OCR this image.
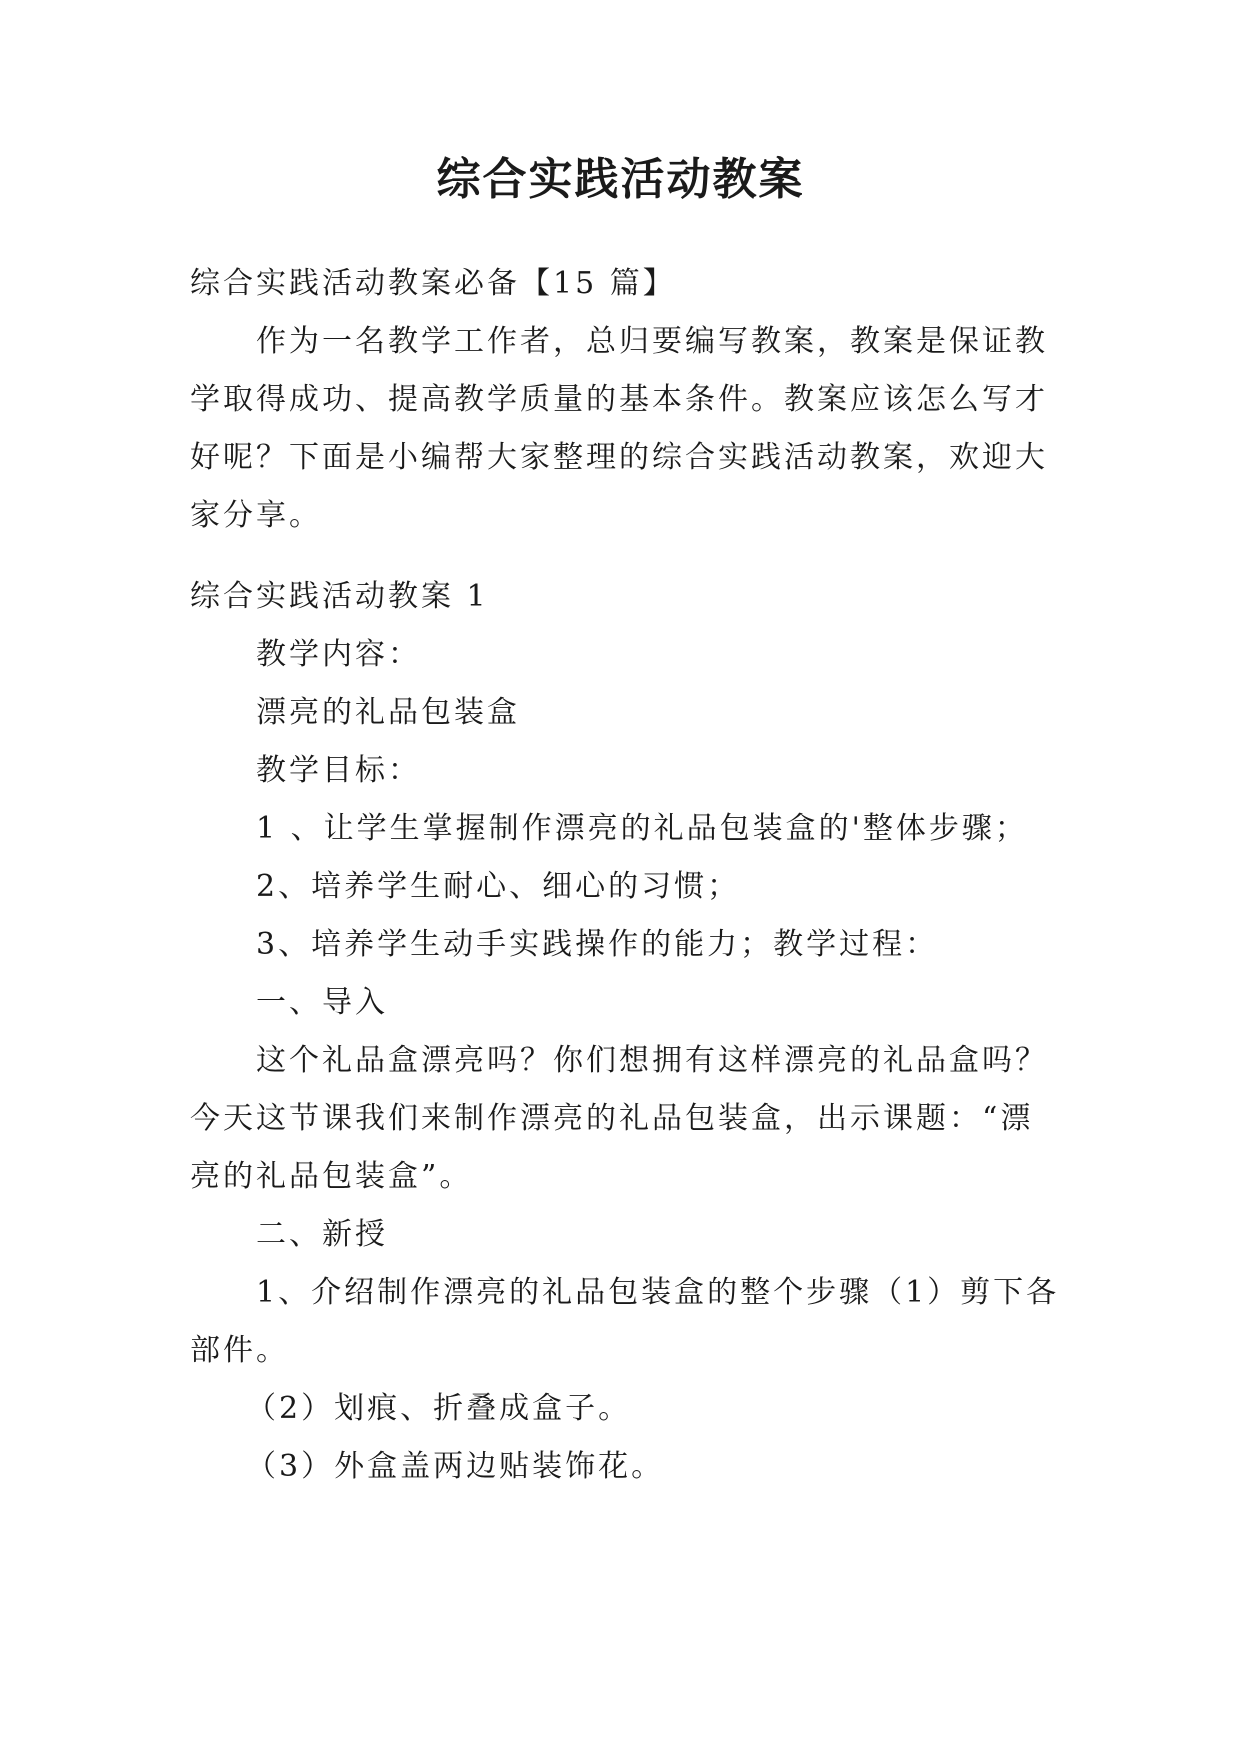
综合实践活动教案
综合实践活动教案必备【15 篇】
作为一名教学工作者，总归要编写教案，教案是保证教
学取得成功、提高教学质量的基本条件。教案应该怎么写才
好呢？下面是小编帮大家整理的综合实践活动教案，欢迎大
家分享。
综合实践活动教案 1
教学内容：
漂亮的礼品包装盒
教学目标：
1 、让学生掌握制作漂亮的礼品包装盒的'整体步骤；
2、培养学生耐心、细心的习惯；
3、培养学生动手实践操作的能力；教学过程：
一、导入
这个礼品盒漂亮吗？你们想拥有这样漂亮的礼品盒吗？
今天这节课我们来制作漂亮的礼品包装盒，出示课题：“漂
亮的礼品包装盒”。
二、新授
1、介绍制作漂亮的礼品包装盒的整个步骤（1）剪下各
部件。
（2）划痕、折叠成盒子。
（3）外盒盖两边贴装饰花。
